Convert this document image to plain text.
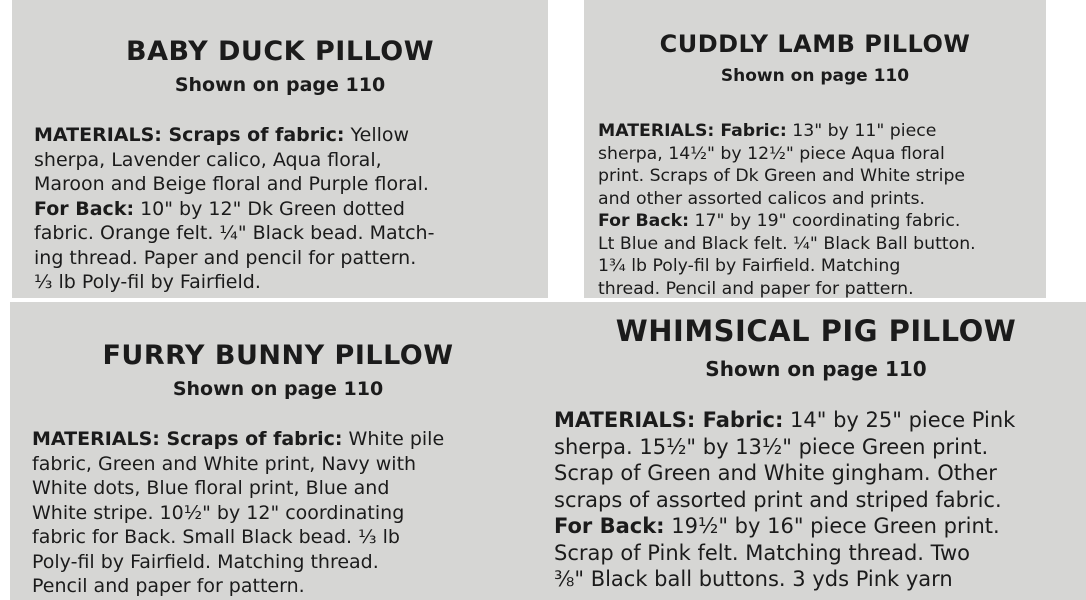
BABY DUCK PILLOW
Shown on page 110
MATERIALS: Scraps of fabric: Yellow
sherpa, Lavender calico, Aqua floral,
Maroon and Beige floral and Purple floral.
For Back: 10" by 12" Dk Green dotted
fabric. Orange felt. ¼" Black bead. Match-
ing thread. Paper and pencil for pattern.
⅓ lb Poly-fil by Fairfield.
CUDDLY LAMB PILLOW
Shown on page 110
MATERIALS: Fabric: 13" by 11" piece
sherpa, 14½" by 12½" piece Aqua floral
print. Scraps of Dk Green and White stripe
and other assorted calicos and prints.
For Back: 17" by 19" coordinating fabric.
Lt Blue and Black felt. ¼" Black Ball button.
1¾ lb Poly-fil by Fairfield. Matching
thread. Pencil and paper for pattern.
FURRY BUNNY PILLOW
Shown on page 110
MATERIALS: Scraps of fabric: White pile
fabric, Green and White print, Navy with
White dots, Blue floral print, Blue and
White stripe. 10½" by 12" coordinating
fabric for Back. Small Black bead. ⅓ lb
Poly-fil by Fairfield. Matching thread.
Pencil and paper for pattern.
WHIMSICAL PIG PILLOW
Shown on page 110
MATERIALS: Fabric: 14" by 25" piece Pink
sherpa. 15½" by 13½" piece Green print.
Scrap of Green and White gingham. Other
scraps of assorted print and striped fabric.
For Back: 19½" by 16" piece Green print.
Scrap of Pink felt. Matching thread. Two
⅜" Black ball buttons. 3 yds Pink yarn
